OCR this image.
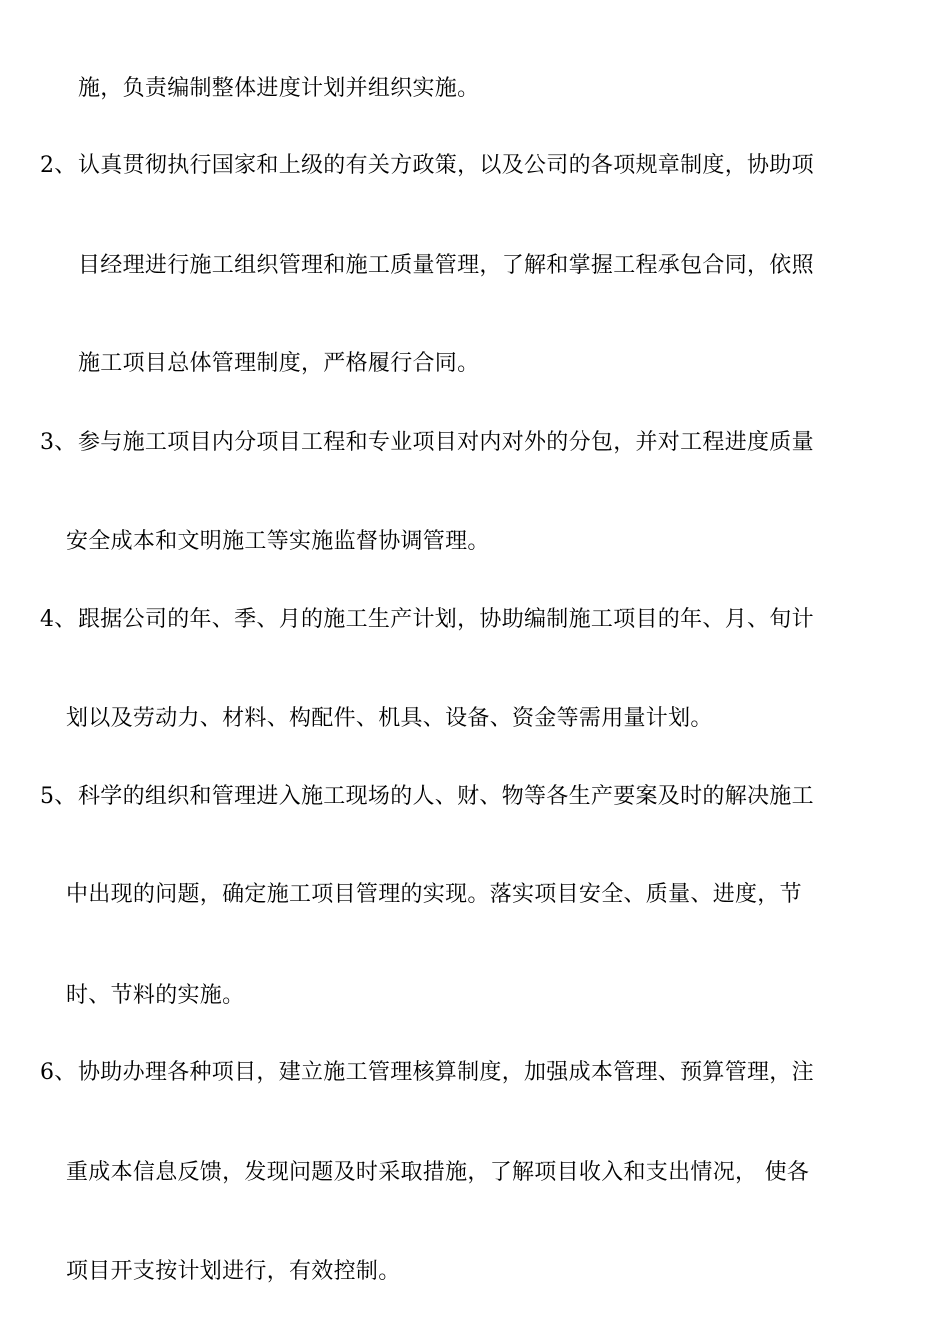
施，负责编制整体进度计划并组织实施。
2、认真贯彻执行国家和上级的有关方政策，以及公司的各项规章制度，协助项
目经理进行施工组织管理和施工质量管理，了解和掌握工程承包合同，依照
施工项目总体管理制度，严格履行合同。
3、参与施工项目内分项目工程和专业项目对内对外的分包，并对工程进度质量
安全成本和文明施工等实施监督协调管理。
4、跟据公司的年、季、月的施工生产计划，协助编制施工项目的年、月、旬计
划以及劳动力、材料、构配件、机具、设备、资金等需用量计划。
5、科学的组织和管理进入施工现场的人、财、物等各生产要案及时的解决施工
中出现的问题，确定施工项目管理的实现。落实项目安全、质量、进度，节
时、节料的实施。
6、协助办理各种项目，建立施工管理核算制度，加强成本管理、预算管理，注
重成本信息反馈，发现问题及时采取措施，了解项目收入和支出情况， 使各
项目开支按计划进行，有效控制。
